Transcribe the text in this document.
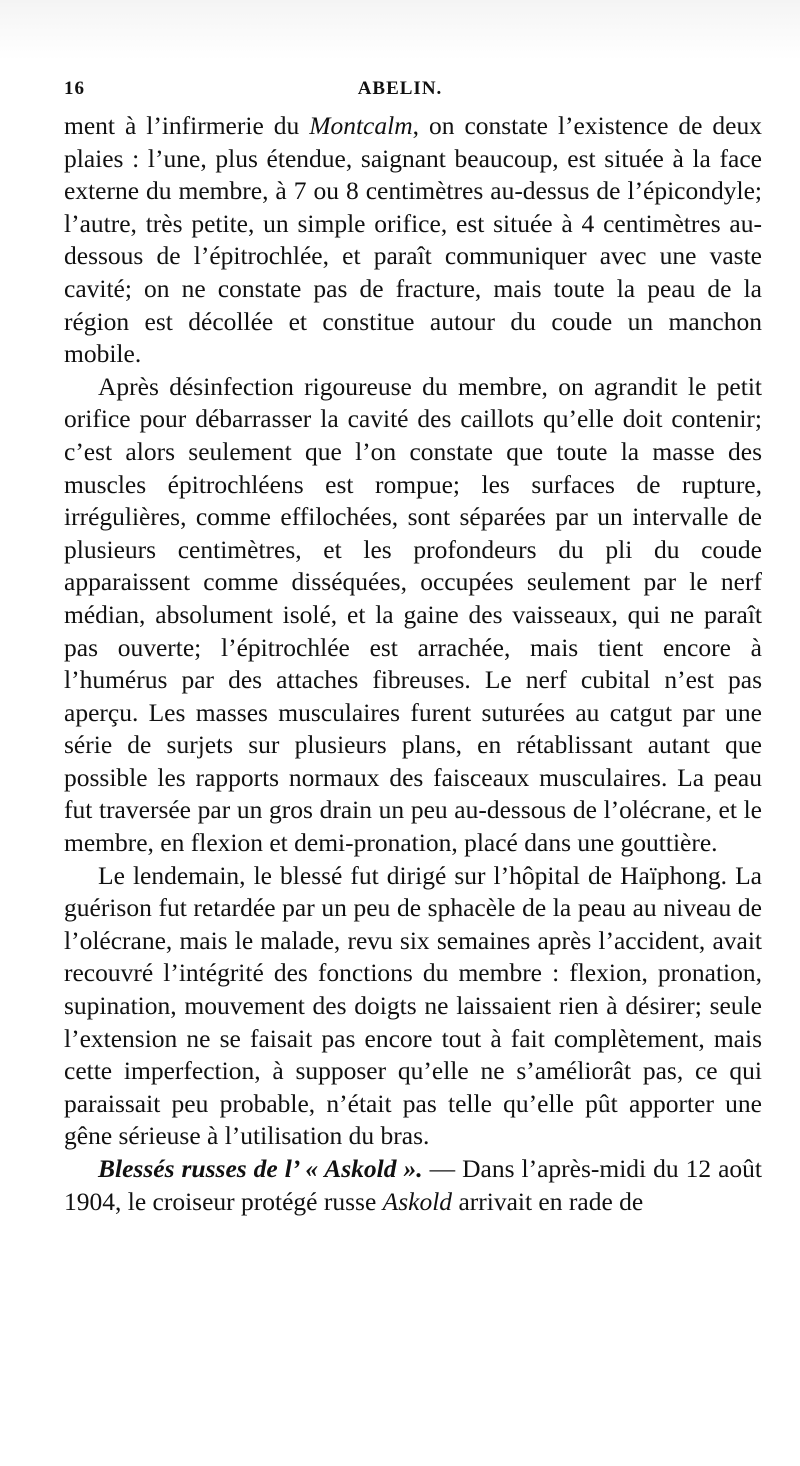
16	ABELIN.

ment à l’infirmerie du Montcalm, on constate l’existence de deux plaies : l’une, plus étendue, saignant beaucoup, est située à la face externe du membre, à 7 ou 8 centimètres au-dessus de l’épicondyle; l’autre, très petite, un simple orifice, est située à 4 centimètres au-dessous de l’épitrochlée, et paraît communiquer avec une vaste cavité; on ne constate pas de fracture, mais toute la peau de la région est décollée et constitue autour du coude un manchon mobile.

Après désinfection rigoureuse du membre, on agrandit le petit orifice pour débarrasser la cavité des caillots qu’elle doit contenir; c’est alors seulement que l’on constate que toute la masse des muscles épitrochléens est rompue; les surfaces de rupture, irrégulières, comme effilochées, sont séparées par un intervalle de plusieurs centimètres, et les profondeurs du pli du coude apparaissent comme disséquées, occupées seulement par le nerf médian, absolument isolé, et la gaine des vaisseaux, qui ne paraît pas ouverte; l’épitrochlée est arrachée, mais tient encore à l’humérus par des attaches fibreuses. Le nerf cubital n’est pas aperçu. Les masses musculaires furent suturées au catgut par une série de surjets sur plusieurs plans, en rétablissant autant que possible les rapports normaux des faisceaux musculaires. La peau fut traversée par un gros drain un peu au-dessous de l’olécrane, et le membre, en flexion et demi-pronation, placé dans une gouttière.

Le lendemain, le blessé fut dirigé sur l’hôpital de Haïphong. La guérison fut retardée par un peu de sphacèle de la peau au niveau de l’olécrane, mais le malade, revu six semaines après l’accident, avait recouvré l’intégrité des fonctions du membre : flexion, pronation, supination, mouvement des doigts ne laissaient rien à désirer; seule l’extension ne se faisait pas encore tout à fait complètement, mais cette imperfection, à supposer qu’elle ne s’améliorât pas, ce qui paraissait peu probable, n’était pas telle qu’elle pût apporter une gêne sérieuse à l’utilisation du bras.

Blessés russes de l’ « Askold ». — Dans l’après-midi du 12 août 1904, le croiseur protégé russe Askold arrivait en rade de
